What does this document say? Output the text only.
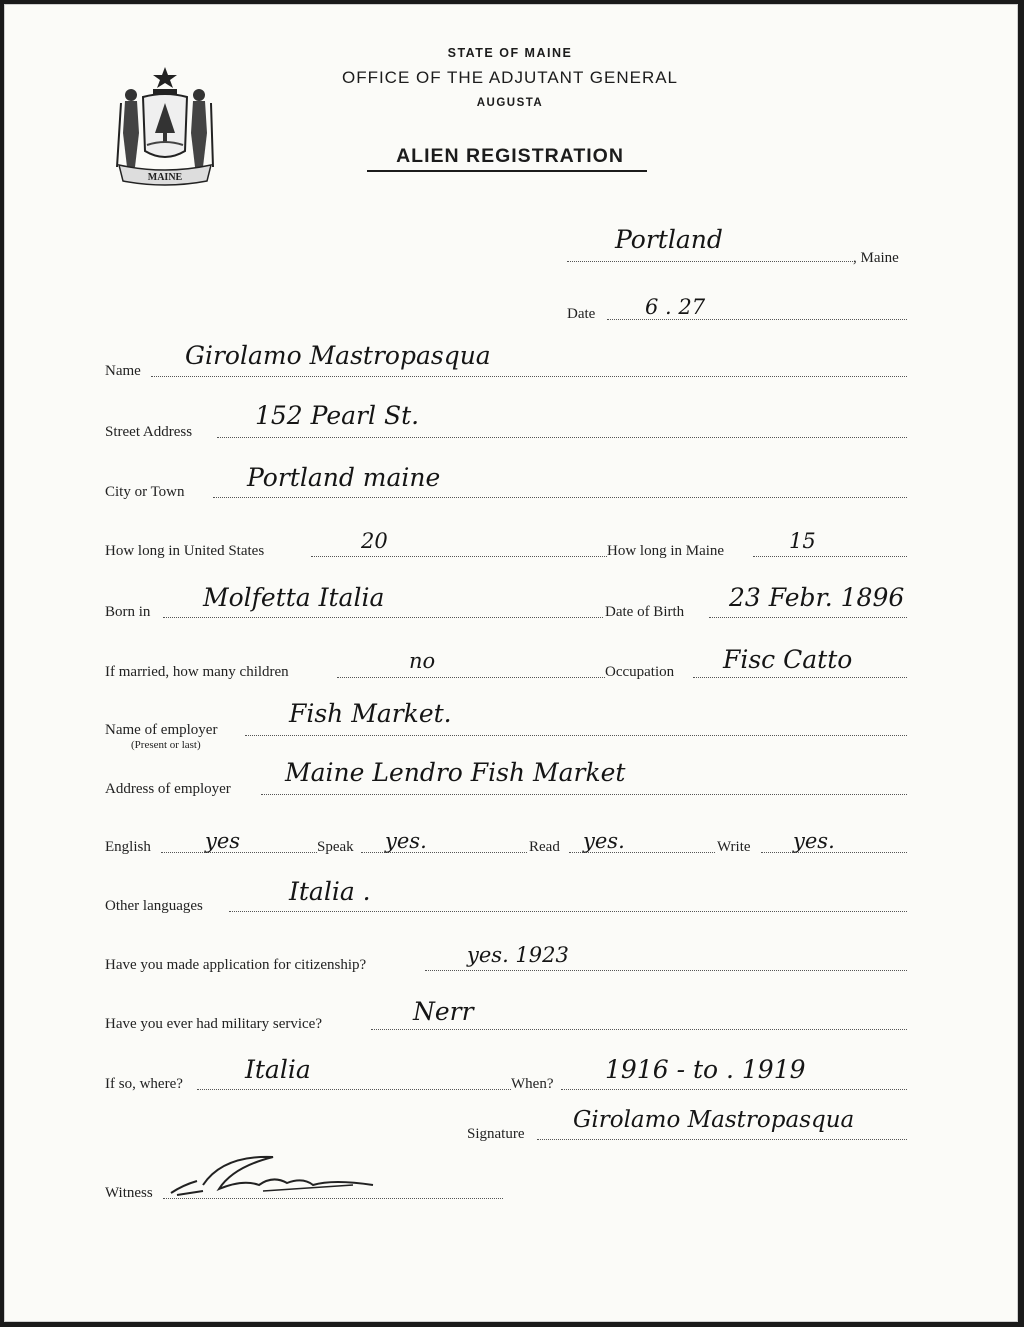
MAINE
STATE OF MAINE
OFFICE OF THE ADJUTANT GENERAL
AUGUSTA
ALIEN REGISTRATION
Portland
, Maine
Date 6 . 27
Name
Girolamo Mastropasqua
Street Address
152 Pearl St.
City or Town Portland maine
How long in United States	20	How long in Maine	15
Born in Molfetta Italia	Date of Birth 23 Febr. 1896
If married, how many children	no	Occupation Fisc Catto
Name of employer
(Present or last)
Fish Market.
Address of employer
Maine Lendro Fish Market
English	yes	Speak yes.	Read yes.	Write yes.
Other languages	Italia .
Have you made application for citizenship?	yes. 1923
Have you ever had military service?	Nerr
If so, where? Italia	When? 1916 - to . 1919
Signature
Girolamo Mastropasqua
Witness
